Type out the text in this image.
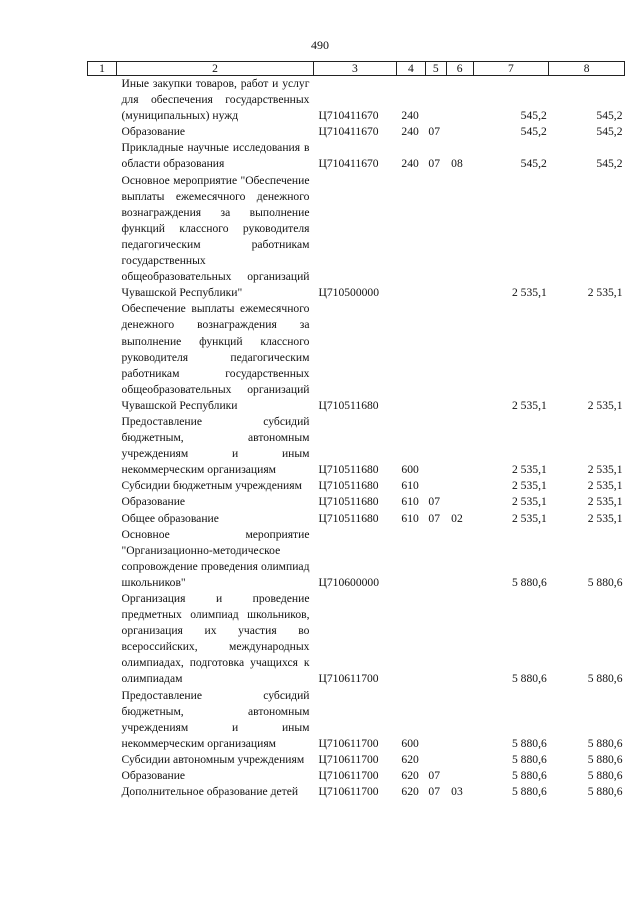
490
1	2	3	4	5	6	7	8
	Иные закупки товаров, работ и услуг для обеспечения государственных (муниципальных) нужд	Ц710411670	240			545,2	545,2
	Образование	Ц710411670	240	07		545,2	545,2
	Прикладные научные исследования в области образования	Ц710411670	240	07	08	545,2	545,2
	Основное мероприятие "Обеспечение выплаты ежемесячного денежного вознаграждения за выполнение функций классного руководителя педагогическим работникам государственных общеобразовательных организаций Чувашской Республики"	Ц710500000				2 535,1	2 535,1
	Обеспечение выплаты ежемесячного денежного вознаграждения за выполнение функций классного руководителя педагогическим работникам государственных общеобразовательных организаций Чувашской Республики	Ц710511680				2 535,1	2 535,1
	Предоставление субсидий бюджетным, автономным учреждениям и иным некоммерческим организациям	Ц710511680	600			2 535,1	2 535,1
	Субсидии бюджетным учреждениям	Ц710511680	610			2 535,1	2 535,1
	Образование	Ц710511680	610	07		2 535,1	2 535,1
	Общее образование	Ц710511680	610	07	02	2 535,1	2 535,1
	Основное мероприятие "Организационно-методическое сопровождение проведения олимпиад школьников"	Ц710600000				5 880,6	5 880,6
	Организация и проведение предметных олимпиад школьников, организация их участия во всероссийских, международных олимпиадах, подготовка учащихся к олимпиадам	Ц710611700				5 880,6	5 880,6
	Предоставление субсидий бюджетным, автономным учреждениям и иным некоммерческим организациям	Ц710611700	600			5 880,6	5 880,6
	Субсидии автономным учреждениям	Ц710611700	620			5 880,6	5 880,6
	Образование	Ц710611700	620	07		5 880,6	5 880,6
	Дополнительное образование детей	Ц710611700	620	07	03	5 880,6	5 880,6
